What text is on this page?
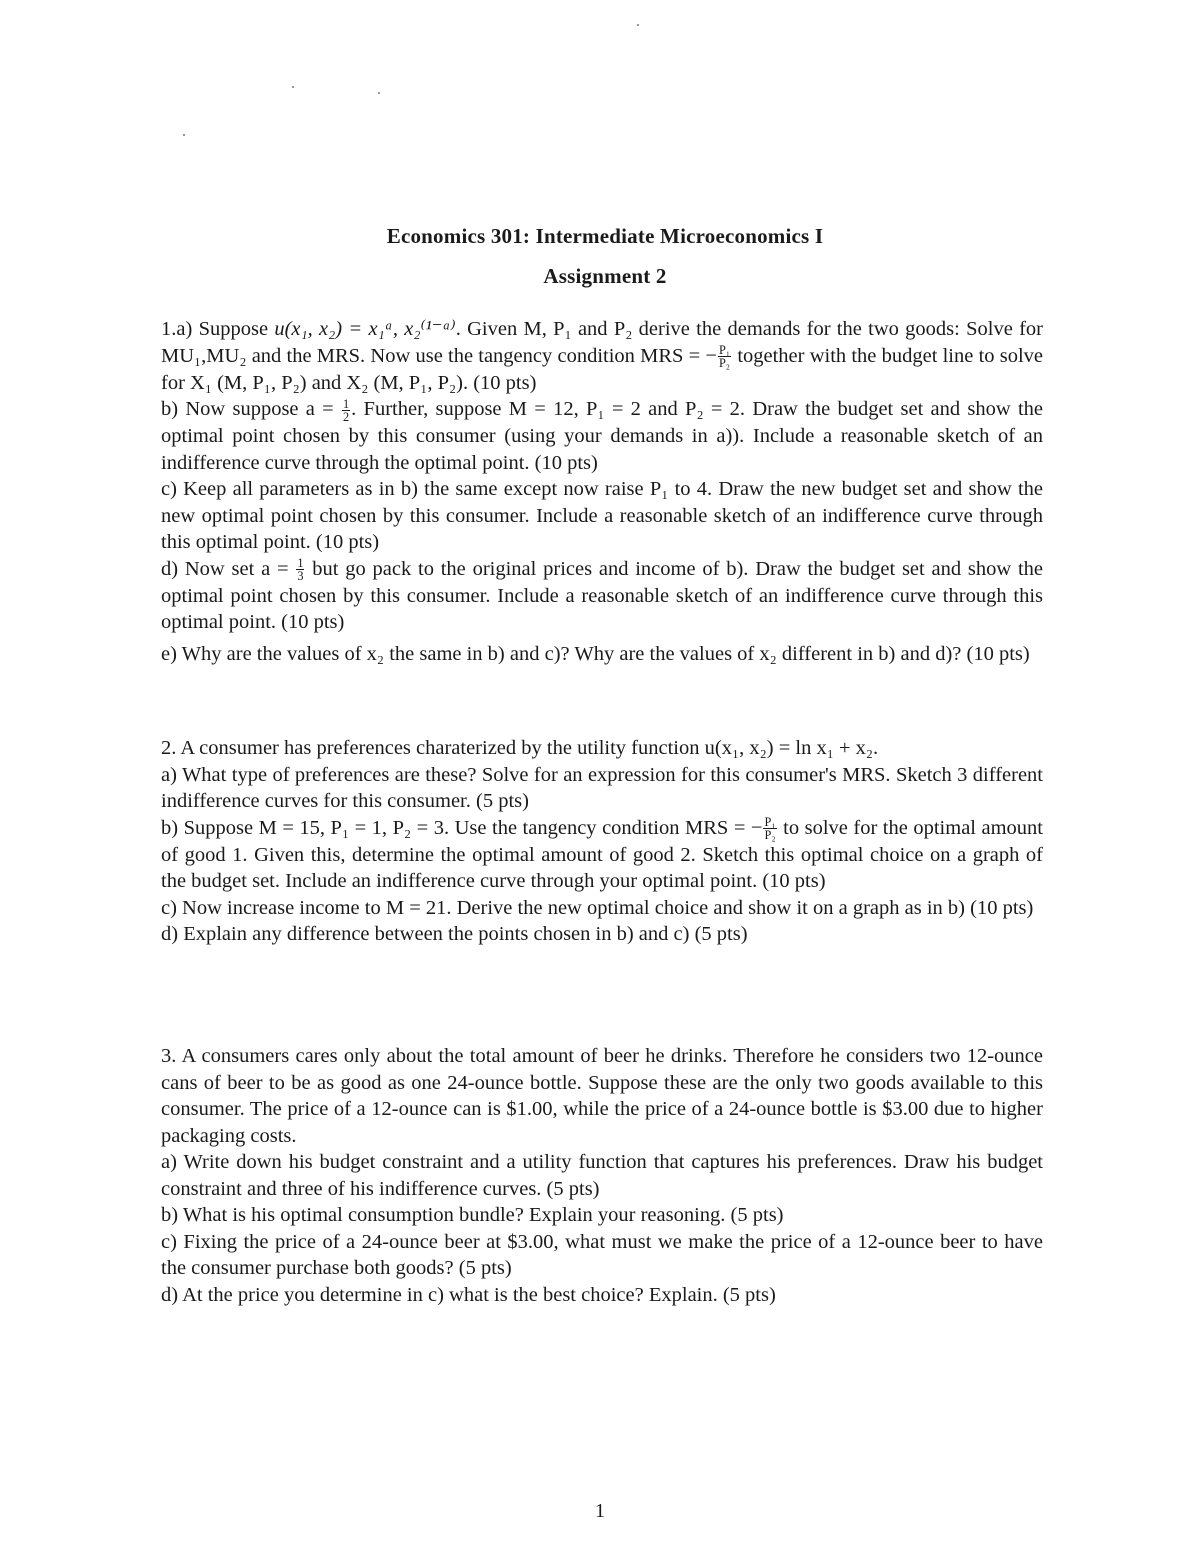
Economics 301: Intermediate Microeconomics I
Assignment 2

1.a) Suppose u(x₁, x₂) = x₁ᵃ, x₂⁽¹⁻ᵃ⁾. Given M, P₁ and P₂ derive the demands for the two goods: Solve for MU₁,MU₂ and the MRS. Now use the tangency condition MRS = − $\frac{\text{P₁}}{\text{P₂}}$ together with the budget line to solve for X₁ (M, P₁, P₂) and X₂ (M, P₁, P₂). (10 pts)

b) Now suppose $a = \frac{1}{2}$ . Further, suppose M = 12, P₁ = 2 and P₂ = 2. Draw the budget set and show the optimal point chosen by this consumer (using your demands in a)). Include a reasonable sketch of an indifference curve through the optimal point. (10 pts)

c) Keep all parameters as in b) the same except now raise P₁ to 4. Draw the new budget set and show the new optimal point chosen by this consumer. Include a reasonable sketch of an indifference curve through this optimal point. (10 pts)

d) Now set $a = \frac{1}{3}$ but go pack to the original prices and income of b). Draw the budget set and show the optimal point chosen by this consumer. Include a reasonable sketch of an indifference curve through this optimal point. (10 pts)

e) Why are the values of x₂ the same in b) and c)? Why are the values of x₂ different in b) and d)? (10 pts)

2. A consumer has preferences charaterized by the utility function u(x₁, x₂) = ln x₁ + x₂.

a) What type of preferences are these? Solve for an expression for this consumer's MRS. Sketch 3 different indifference curves for this consumer. (5 pts)

b) Suppose M = 15, P₁ = 1, P₂ = 3. Use the tangency condition MRS = − $\frac{\text{P₁}}{\text{P₂}}$ to solve for the optimal amount of good 1. Given this, determine the optimal amount of good 2. Sketch this optimal choice on a graph of the budget set. Include an indifference curve through your optimal point. (10 pts)

c) Now increase income to M = 21. Derive the new optimal choice and show it on a graph as in b) (10 pts)

d) Explain any difference between the points chosen in b) and c) (5 pts)

3. A consumers cares only about the total amount of beer he drinks. Therefore he considers two 12-ounce cans of beer to be as good as one 24-ounce bottle. Suppose these are the only two goods available to this consumer. The price of a 12-ounce can is $1.00, while the price of a 24-ounce bottle is $3.00 due to higher packaging costs.

a) Write down his budget constraint and a utility function that captures his preferences. Draw his budget constraint and three of his indifference curves. (5 pts)

b) What is his optimal consumption bundle? Explain your reasoning. (5 pts)

c) Fixing the price of a 24-ounce beer at $3.00, what must we make the price of a 12-ounce beer to have the consumer purchase both goods? (5 pts)

d) At the price you determine in c) what is the best choice? Explain. (5 pts)

1
